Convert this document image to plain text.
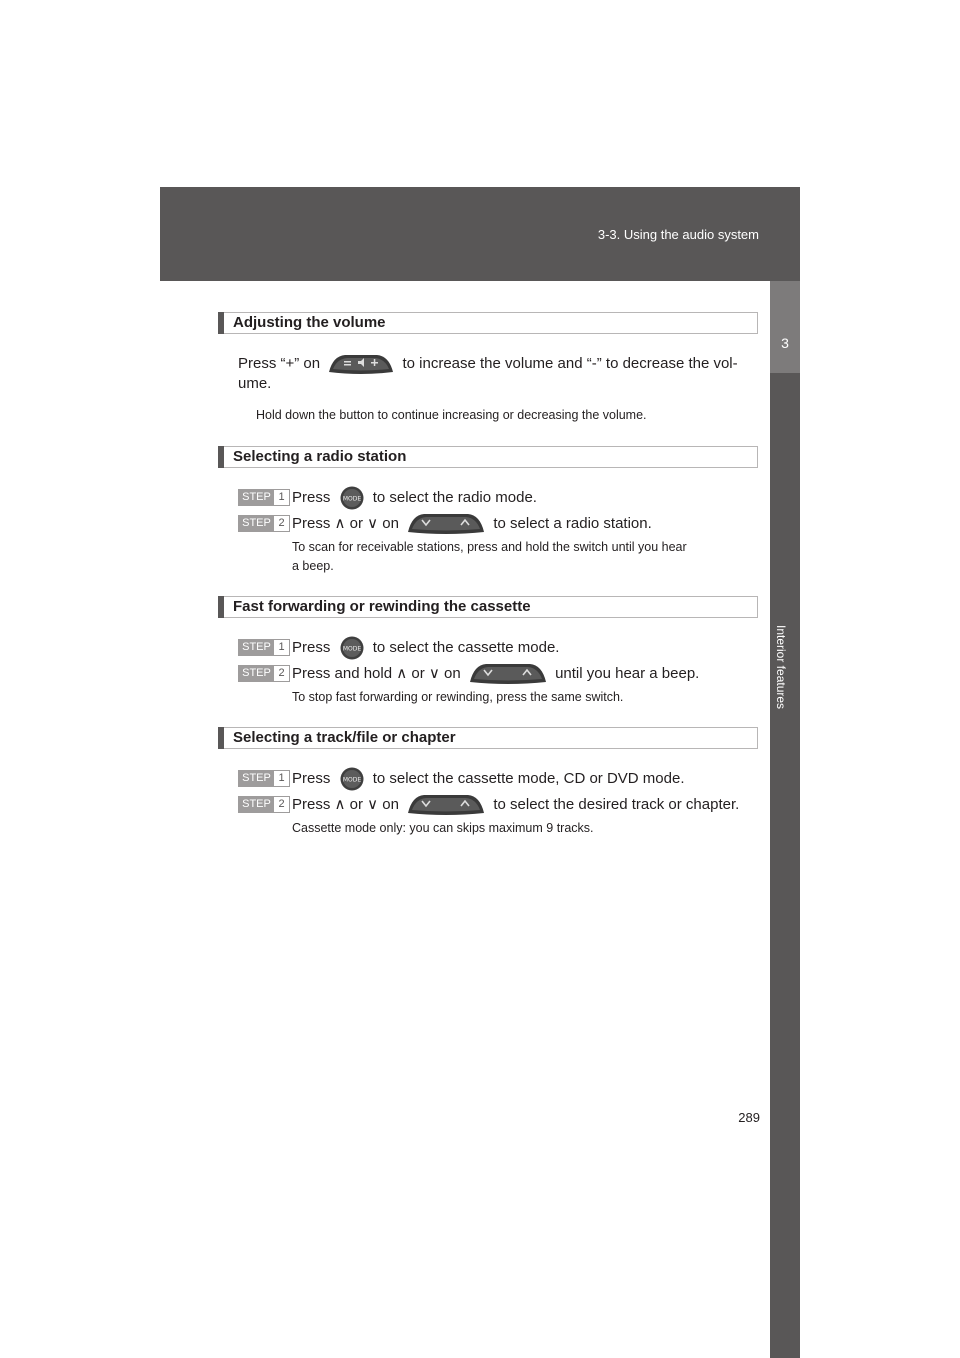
3-3. Using the audio system
3
Interior features
Adjusting the volume
Press “+” on	to increase the volume and “-” to decrease the vol-
ume.
Hold down the button to continue increasing or decreasing the volume.
Selecting a radio station
STEP 1 Press MODE to select the radio mode.
STEP 2 Press ∧ or ∨ on	to select a radio station.
To scan for receivable stations, press and hold the switch until you hear
a beep.
Fast forwarding or rewinding the cassette
STEP 1 Press MODE to select the cassette mode.
STEP 2 Press and hold ∧ or ∨ on	until you hear a beep.
To stop fast forwarding or rewinding, press the same switch.
Selecting a track/file or chapter
STEP 1 Press MODE to select the cassette mode, CD or DVD mode.
STEP 2 Press ∧ or ∨ on	to select the desired track or chapter.
Cassette mode only: you can skips maximum 9 tracks.
289
